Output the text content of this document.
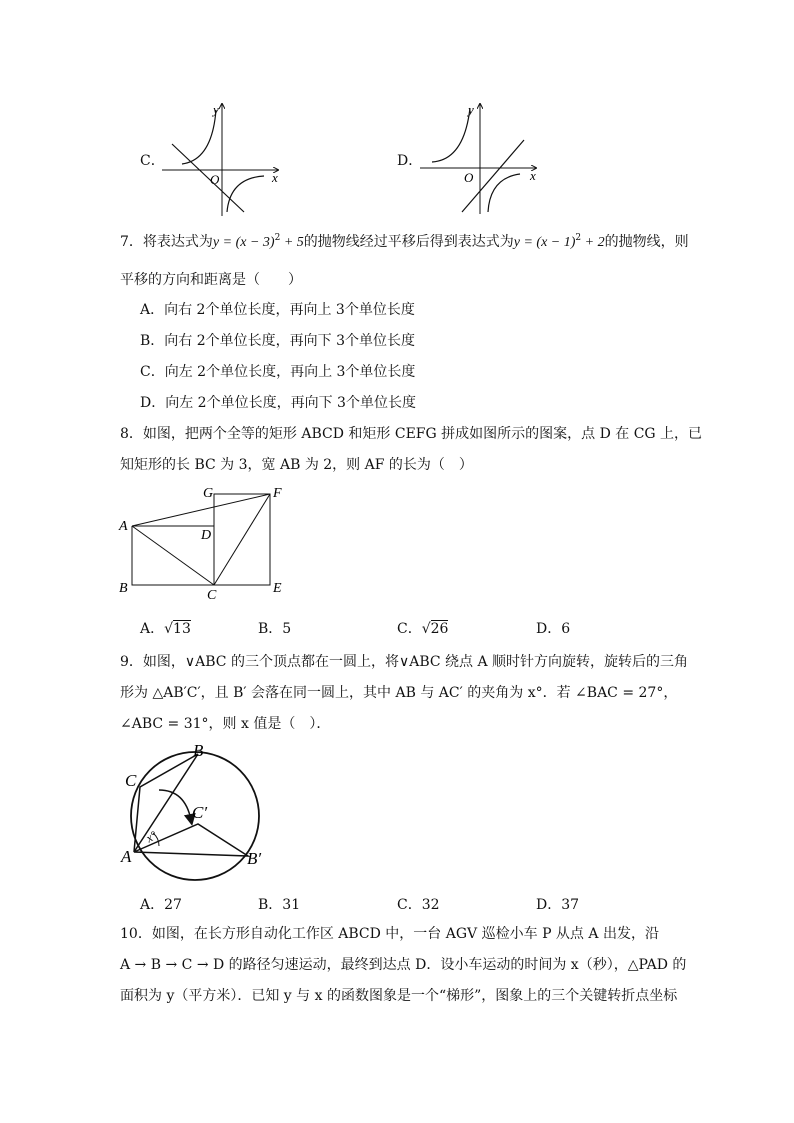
C．
y
x
O
D．
y
x
O
7．将表达式为$y = (x - 3)^2 + 5$的抛物线经过平移后得到表达式为$y = (x - 1)^2 + 2$的抛物线，则
平移的方向和距离是（　　）
A．向右 2个单位长度，再向上 3个单位长度
B．向右 2个单位长度，再向下 3个单位长度
C．向左 2个单位长度，再向上 3个单位长度
D．向左 2个单位长度，再向下 3个单位长度
8．如图，把两个全等的矩形 ABCD 和矩形 CEFG 拼成如图所示的图案，点 D 在 CG 上，已
知矩形的长 BC 为 3，宽 AB 为 2，则 AF 的长为（　）
A
B	C
D
E
F
G
A．√13	B．5	C．√26	D．6
9．如图，∨ABC 的三个顶点都在一圆上，将∨ABC 绕点 A 顺时针方向旋转，旋转后的三角
形为 △AB′C′，且 B′ 会落在同一圆上，其中 AB 与 AC′ 的夹角为 x°．若 ∠BAC = 27°，
∠ABC = 31°，则 x 值是（　）．
x°
A
B
C
C′
B′
A．27	B．31	C．32	D．37
10．如图，在长方形自动化工作区 ABCD 中，一台 AGV 巡检小车 P 从点 A 出发，沿
A → B → C → D 的路径匀速运动，最终到达点 D．设小车运动的时间为 x（秒），△PAD 的
面积为 y（平方米）．已知 y 与 x 的函数图象是一个“梯形”，图象上的三个关键转折点坐标
